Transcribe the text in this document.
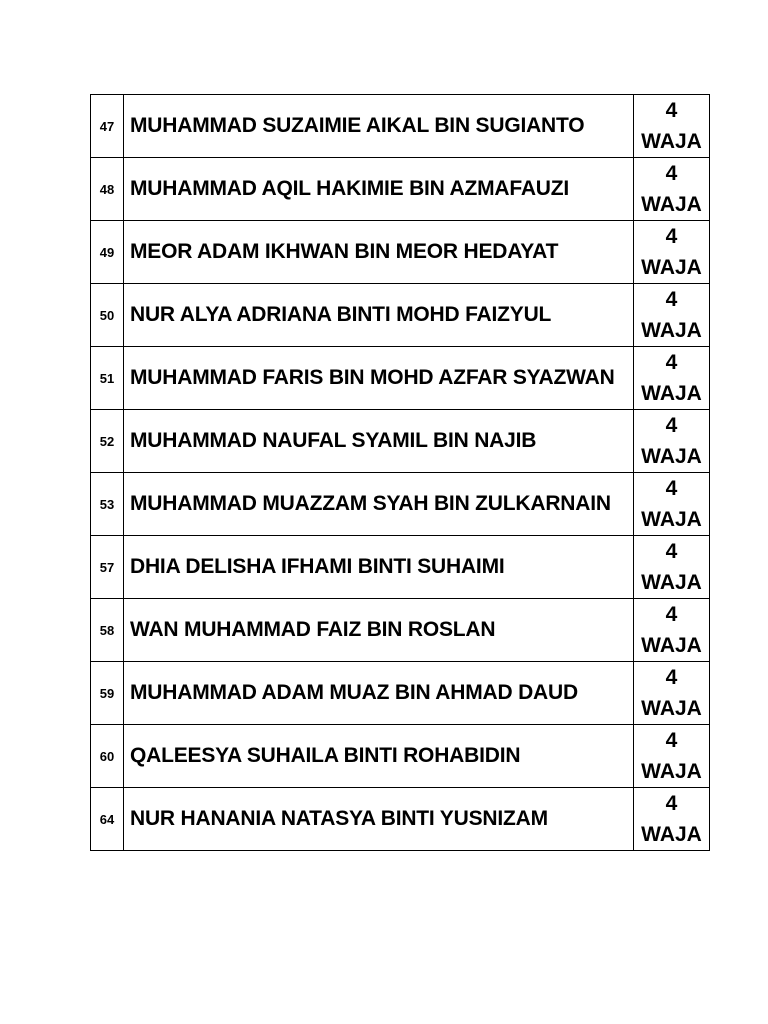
47	MUHAMMAD SUZAIMIE AIKAL BIN SUGIANTO	4
WAJA

48	MUHAMMAD AQIL HAKIMIE BIN AZMAFAUZI	4
WAJA

49	MEOR ADAM IKHWAN BIN MEOR HEDAYAT	4
WAJA

50	NUR ALYA ADRIANA BINTI MOHD FAIZYUL	4
WAJA

51	MUHAMMAD FARIS BIN MOHD AZFAR SYAZWAN	4
WAJA

52	MUHAMMAD NAUFAL SYAMIL BIN NAJIB	4
WAJA

53	MUHAMMAD MUAZZAM SYAH BIN ZULKARNAIN	4
WAJA

57	DHIA DELISHA IFHAMI BINTI SUHAIMI	4
WAJA

58	WAN MUHAMMAD FAIZ BIN ROSLAN	4
WAJA

59	MUHAMMAD ADAM MUAZ BIN AHMAD DAUD	4
WAJA

60	QALEESYA SUHAILA BINTI ROHABIDIN	4
WAJA

64	NUR HANANIA NATASYA BINTI YUSNIZAM	4
WAJA
